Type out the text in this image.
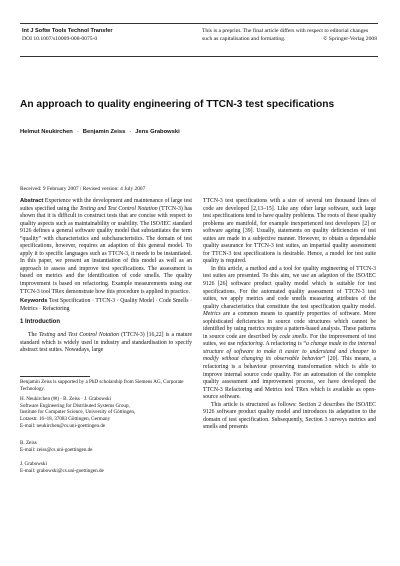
Int J Softw Tools Technol Transfer
DOI 10.1007/s10009-008-0075-0
This is a preprint. The final article differs with respect to editorial changes
such as capitalisation and formatting.	© Springer-Verlag 2008
An approach to quality engineering of TTCN-3 test specifications
Helmut Neukirchen · Benjamin Zeiss · Jens Grabowski
Received: 9 February 2007 / Revised version: 4 July 2007

Abstract Experience with the development and maintenance of large test suites specified using the Testing and Test Control Notation (TTCN-3) has shown that it is difficult to construct tests that are concise with respect to quality aspects such as maintainability or usability. The ISO/IEC standard 9126 defines a general software quality model that substantiates the term “quality” with characteristics and subcharacteristics. The domain of test specifications, however, requires an adaption of this general model. To apply it to specific languages such as TTCN-3, it needs to be instantiated. In this paper, we present an instantiation of this model as well as an approach to assess and improve test specifications. The assessment is based on metrics and the identification of code smells. The quality improvement is based on refactoring. Example measurements using our TTCN-3 tool TRex demonstrate how this procedure is applied in practice.

Keywords Test Specification · TTCN-3 · Quality Model · Code Smells · Metrics · Refactoring

1 Introduction

The Testing and Test Control Notation (TTCN-3) [16,22] is a mature standard which is widely used in industry and standardisation to specify abstract test suites. Nowadays, large

Benjamin Zeiss is supported by a PhD scholarship from Siemens AG, Corporate Technology.
H. Neukirchen (✉) · B. Zeiss · J. Grabowski
Software Engineering for Distributed Systems Group,
Institute for Computer Science, University of Göttingen,
Lotzestr. 16–18, 37083 Göttingen, Germany
E-mail: neukirchen@cs.uni-goettingen.de
B. Zeiss
E-mail: zeiss@cs.uni-goettingen.de
J. Grabowski
E-mail: grabowski@cs.uni-goettingen.de

TTCN-3 test specifications with a size of several ten thousand lines of code are developed [2,13–15]. Like any other large software, such large test specifications tend to have quality problems. The roots of these quality problems are manifold, for example inexperienced test developers [2] or software ageing [39]. Usually, statements on quality deficiencies of test suites are made in a subjective manner. However, to obtain a dependable quality assurance for TTCN-3 test suites, an impartial quality assessment for TTCN-3 test specifications is desirable. Hence, a model for test suite quality is required.

In this article, a method and a tool for quality engineering of TTCN-3 test suites are presented. To this aim, we use an adaption of the ISO/IEC 9126 [26] software product quality model which is suitable for test specifications. For the automated quality assessment of TTCN-3 test suites, we apply metrics and code smells measuring attributes of the quality characteristics that constitute the test specification quality model. Metrics are a common means to quantify properties of software. More sophisticated deficiencies in source code structures which cannot be identified by using metrics require a pattern-based analysis. These patterns in source code are described by code smells. For the improvement of test suites, we use refactoring. A refactoring is “a change made to the internal structure of software to make it easier to understand and cheaper to modify without changing its observable behavior” [20]. This means, a refactoring is a behaviour preserving transformation which is able to improve internal source code quality. For an automation of the complete quality assessment and improvement process, we have developed the TTCN-3 Refactoring and Metrics tool TRex which is available as open-source software.

This article is structured as follows: Section 2 describes the ISO/IEC 9126 software product quality model and introduces its adaptation to the domain of test specification. Subsequently, Section 3 surveys metrics and smells and presents
